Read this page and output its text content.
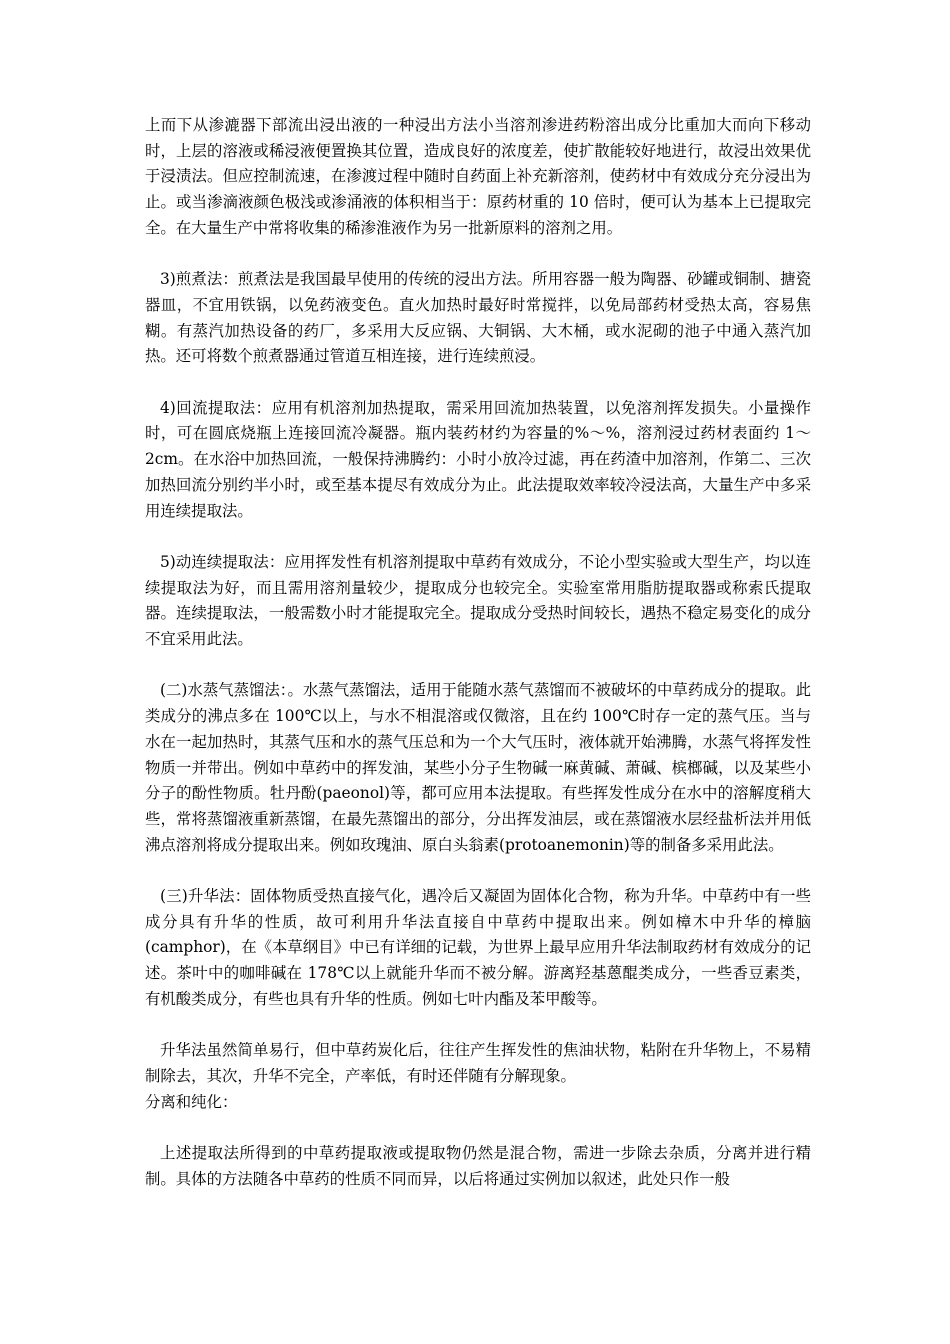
上而下从渗漉器下部流出浸出液的一种浸出方法小当溶剂渗进药粉溶出成分比重加大而向下移动时，上层的溶液或稀浸液便置换其位置，造成良好的浓度差，使扩散能较好地进行，故浸出效果优于浸渍法。但应控制流速，在渗渡过程中随时自药面上补充新溶剂，使药材中有效成分充分浸出为止。或当渗滴液颜色极浅或渗涌液的体积相当于：原药材重的 10 倍时，便可认为基本上已提取完全。在大量生产中常将收集的稀渗淮液作为另一批新原料的溶剂之用。

3)煎煮法：煎煮法是我国最早使用的传统的浸出方法。所用容器一般为陶器、砂罐或铜制、搪瓷器皿，不宜用铁锅，以免药液变色。直火加热时最好时常搅拌，以免局部药材受热太高，容易焦糊。有蒸汽加热设备的药厂，多采用大反应锅、大铜锅、大木桶，或水泥砌的池子中通入蒸汽加热。还可将数个煎煮器通过管道互相连接，进行连续煎浸。

4)回流提取法：应用有机溶剂加热提取，需采用回流加热装置，以免溶剂挥发损失。小量操作时，可在圆底烧瓶上连接回流冷凝器。瓶内装药材约为容量的%～%，溶剂浸过药材表面约 1～2cm。在水浴中加热回流，一般保持沸腾约：小时小放冷过滤，再在药渣中加溶剂，作第二、三次加热回流分别约半小时，或至基本提尽有效成分为止。此法提取效率较冷浸法高，大量生产中多采用连续提取法。

5)动连续提取法：应用挥发性有机溶剂提取中草药有效成分，不论小型实验或大型生产，均以连续提取法为好，而且需用溶剂量较少，提取成分也较完全。实验室常用脂肪提取器或称索氏提取器。连续提取法，一般需数小时才能提取完全。提取成分受热时间较长，遇热不稳定易变化的成分不宜采用此法。

(二)水蒸气蒸馏法：。水蒸气蒸馏法，适用于能随水蒸气蒸馏而不被破坏的中草药成分的提取。此类成分的沸点多在 100℃以上，与水不相混溶或仅微溶，且在约 100℃时存一定的蒸气压。当与水在一起加热时，其蒸气压和水的蒸气压总和为一个大气压时，液体就开始沸腾，水蒸气将挥发性物质一并带出。例如中草药中的挥发油，某些小分子生物碱一麻黄碱、萧碱、槟榔碱，以及某些小分子的酚性物质。牡丹酚(paeonol)等，都可应用本法提取。有些挥发性成分在水中的溶解度稍大些，常将蒸馏液重新蒸馏，在最先蒸馏出的部分，分出挥发油层，或在蒸馏液水层经盐析法并用低沸点溶剂将成分提取出来。例如玫瑰油、原白头翁素(protoanemonin)等的制备多采用此法。

(三)升华法：固体物质受热直接气化，遇冷后又凝固为固体化合物，称为升华。中草药中有一些成分具有升华的性质，故可利用升华法直接自中草药中提取出来。例如樟木中升华的樟脑(camphor)，在《本草纲目》中已有详细的记载，为世界上最早应用升华法制取药材有效成分的记述。茶叶中的咖啡碱在 178℃以上就能升华而不被分解。游离羟基蒽醌类成分，一些香豆素类，有机酸类成分，有些也具有升华的性质。例如七叶内酯及苯甲酸等。

升华法虽然简单易行，但中草药炭化后，往往产生挥发性的焦油状物，粘附在升华物上，不易精制除去，其次，升华不完全，产率低，有时还伴随有分解现象。

分离和纯化：

上述提取法所得到的中草药提取液或提取物仍然是混合物，需进一步除去杂质，分离并进行精制。具体的方法随各中草药的性质不同而异，以后将通过实例加以叙述，此处只作一般
